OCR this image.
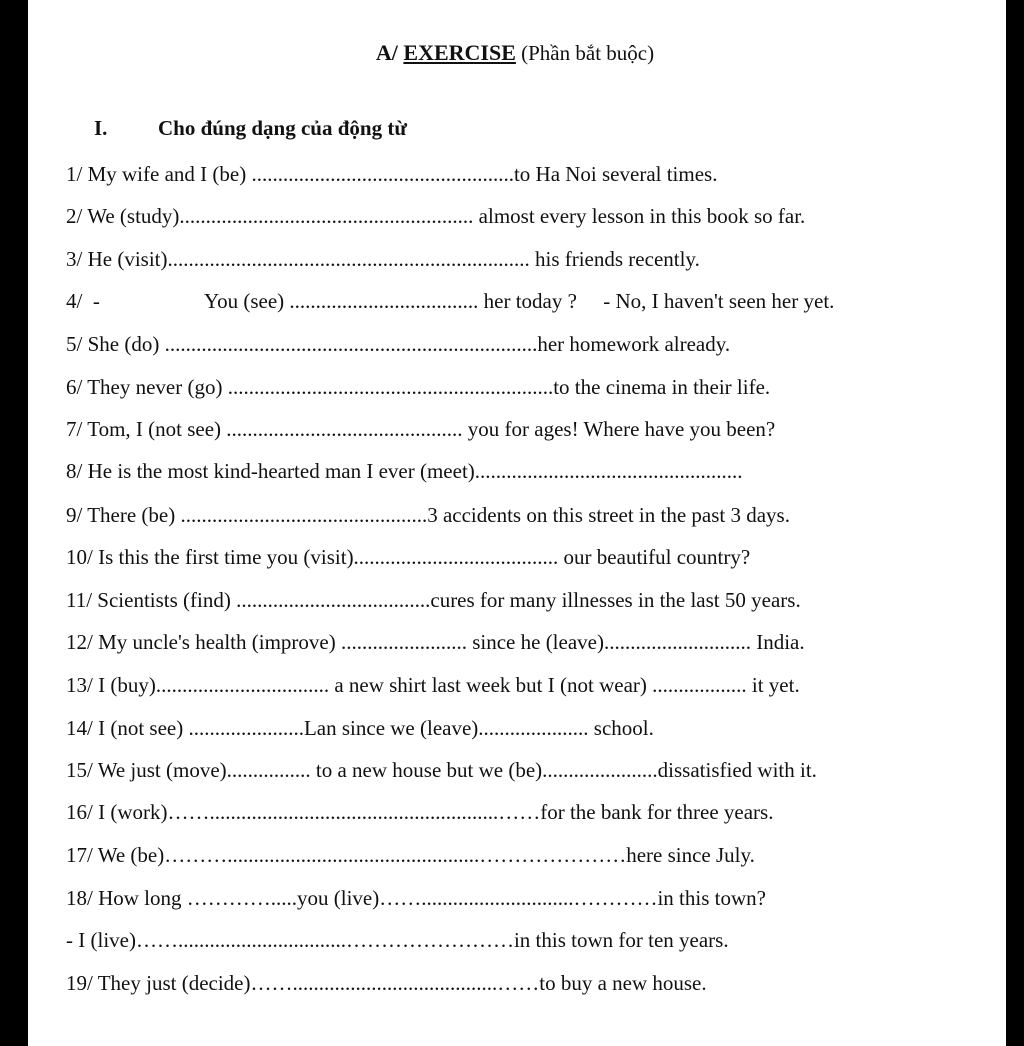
A/ EXERCISE (Phần bắt buộc)
I. Cho đúng dạng của động từ
1/ My wife and I (be) ..................................................to Ha Noi several times.
2/ We (study)........................................................ almost every lesson in this book so far.
3/ He (visit)..................................................................... his friends recently.
4/  -                    You (see) .................................... her today ?     - No, I haven't seen her yet.
5/ She (do) .......................................................................her homework already.
6/ They never (go) ..............................................................to the cinema in their life.
7/ Tom, I (not see) ............................................. you for ages! Where have you been?
8/ He is the most kind-hearted man I ever (meet)...................................................
9/ There (be) ...............................................3 accidents on this street in the past 3 days.
10/ Is this the first time you (visit)....................................... our beautiful country?
11/ Scientists (find) .....................................cures for many illnesses in the last 50 years.
12/ My uncle's health (improve) ........................ since he (leave)............................ India.
13/ I (buy)................................. a new shirt last week but I (not wear) .................. it yet.
14/ I (not see) ......................Lan since we (leave)..................... school.
15/ We just (move)................ to a new house but we (be)......................dissatisfied with it.
16/ I (work)…….......................................................……for the bank for three years.
17/ We (be)………................................................…………………here since July.
18/ How long ………….....you (live)…….............................…………in this town?
- I (live)……................................……………………in this town for ten years.
19/ They just (decide)…….......................................……to buy a new house.
